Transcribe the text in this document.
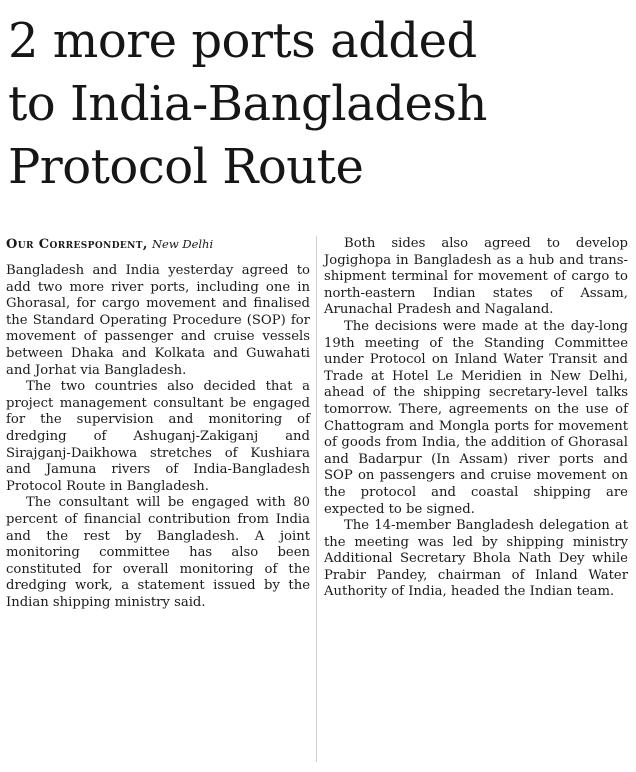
2 more ports added
to India-Bangladesh
Protocol Route
Our Correspondent, New Delhi

Bangladesh and India yesterday agreed to add two more river ports, including one in Ghorasal, for cargo movement and finalised the Standard Operating Procedure (SOP) for movement of passenger and cruise vessels between Dhaka and Kolkata and Guwahati and Jorhat via Bangladesh.

The two countries also decided that a project management consultant be engaged for the supervision and monitoring of dredging of Ashuganj-Zakiganj and Sirajganj-Daikhowa stretches of Kushiara and Jamuna rivers of India-Bangladesh Protocol Route in Bangladesh.

The consultant will be engaged with 80 percent of financial contribution from India and the rest by Bangladesh. A joint monitoring committee has also been constituted for overall monitoring of the dredging work, a statement issued by the Indian shipping ministry said.

Both sides also agreed to develop Jogighopa in Bangladesh as a hub and trans-shipment terminal for movement of cargo to north-eastern Indian states of Assam, Arunachal Pradesh and Nagaland.

The decisions were made at the day-long 19th meeting of the Standing Committee under Protocol on Inland Water Transit and Trade at Hotel Le Meridien in New Delhi, ahead of the shipping secretary-level talks tomorrow. There, agreements on the use of Chattogram and Mongla ports for movement of goods from India, the addition of Ghorasal and Badarpur (In Assam) river ports and SOP on passengers and cruise movement on the protocol and coastal shipping are expected to be signed.

The 14-member Bangladesh delegation at the meeting was led by shipping ministry Additional Secretary Bhola Nath Dey while Prabir Pandey, chairman of Inland Water Authority of India, headed the Indian team.
